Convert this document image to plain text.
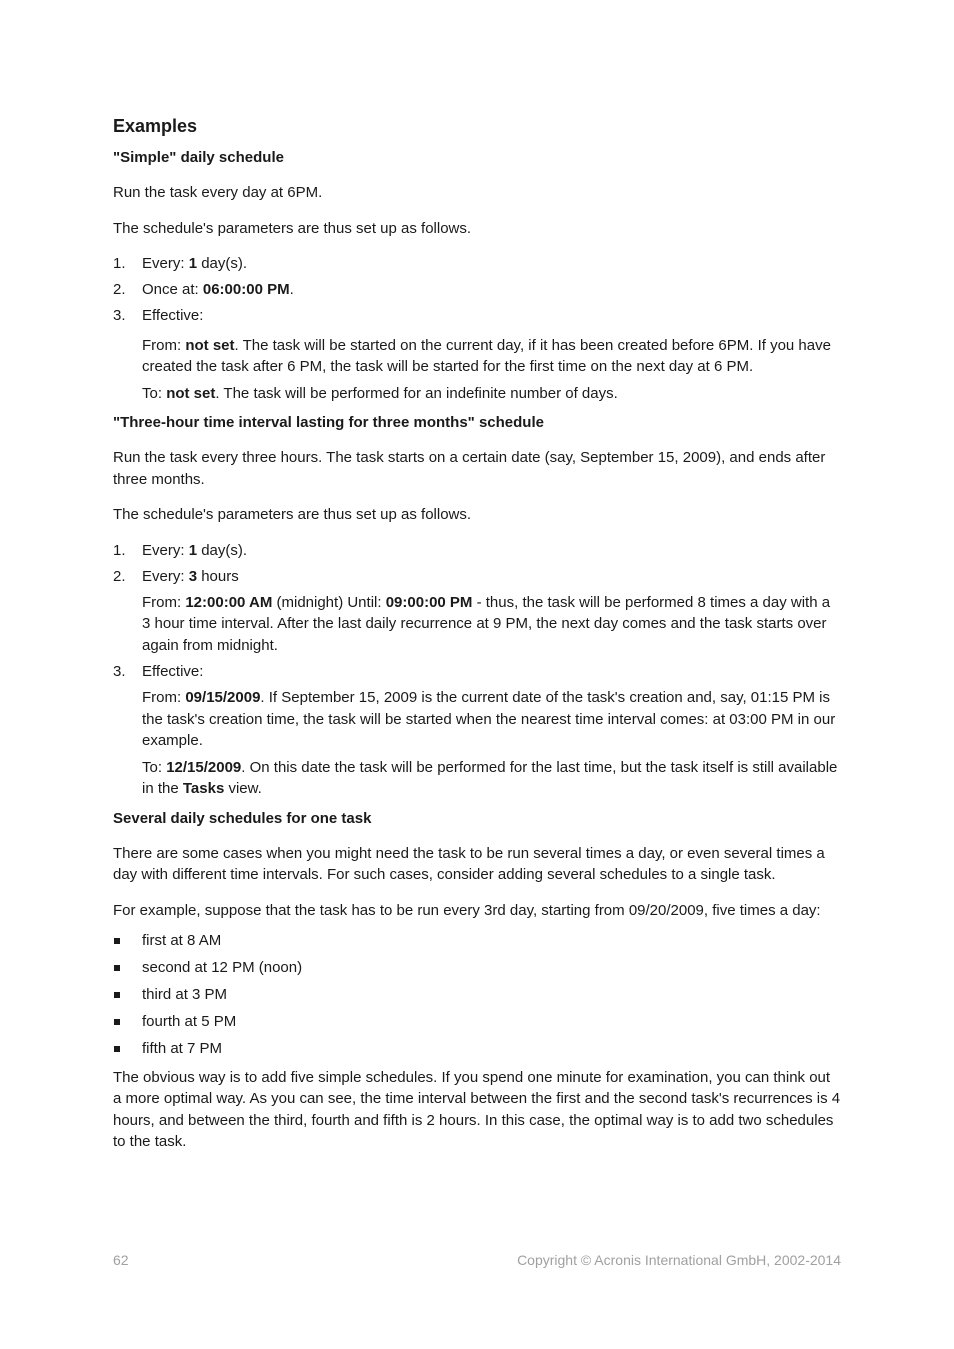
Examples
"Simple" daily schedule

Run the task every day at 6PM.

The schedule's parameters are thus set up as follows.

1. Every: 1 day(s).
2. Once at: 06:00:00 PM.
3. Effective:
From: not set. The task will be started on the current day, if it has been created before 6PM. If you have created the task after 6 PM, the task will be started for the first time on the next day at 6 PM.
To: not set. The task will be performed for an indefinite number of days.
"Three-hour time interval lasting for three months" schedule

Run the task every three hours. The task starts on a certain date (say, September 15, 2009), and ends after three months.

The schedule's parameters are thus set up as follows.

1. Every: 1 day(s).
2. Every: 3 hours
From: 12:00:00 AM (midnight) Until: 09:00:00 PM - thus, the task will be performed 8 times a day with a 3 hour time interval. After the last daily recurrence at 9 PM, the next day comes and the task starts over again from midnight.
3. Effective:
From: 09/15/2009. If September 15, 2009 is the current date of the task's creation and, say, 01:15 PM is the task's creation time, the task will be started when the nearest time interval comes: at 03:00 PM in our example.
To: 12/15/2009. On this date the task will be performed for the last time, but the task itself is still available in the Tasks view.
Several daily schedules for one task

There are some cases when you might need the task to be run several times a day, or even several times a day with different time intervals. For such cases, consider adding several schedules to a single task.

For example, suppose that the task has to be run every 3rd day, starting from 09/20/2009, five times a day:

first at 8 AM
second at 12 PM (noon)
third at 3 PM
fourth at 5 PM
fifth at 7 PM

The obvious way is to add five simple schedules. If you spend one minute for examination, you can think out a more optimal way. As you can see, the time interval between the first and the second task's recurrences is 4 hours, and between the third, fourth and fifth is 2 hours. In this case, the optimal way is to add two schedules to the task.

62	Copyright © Acronis International GmbH, 2002-2014
